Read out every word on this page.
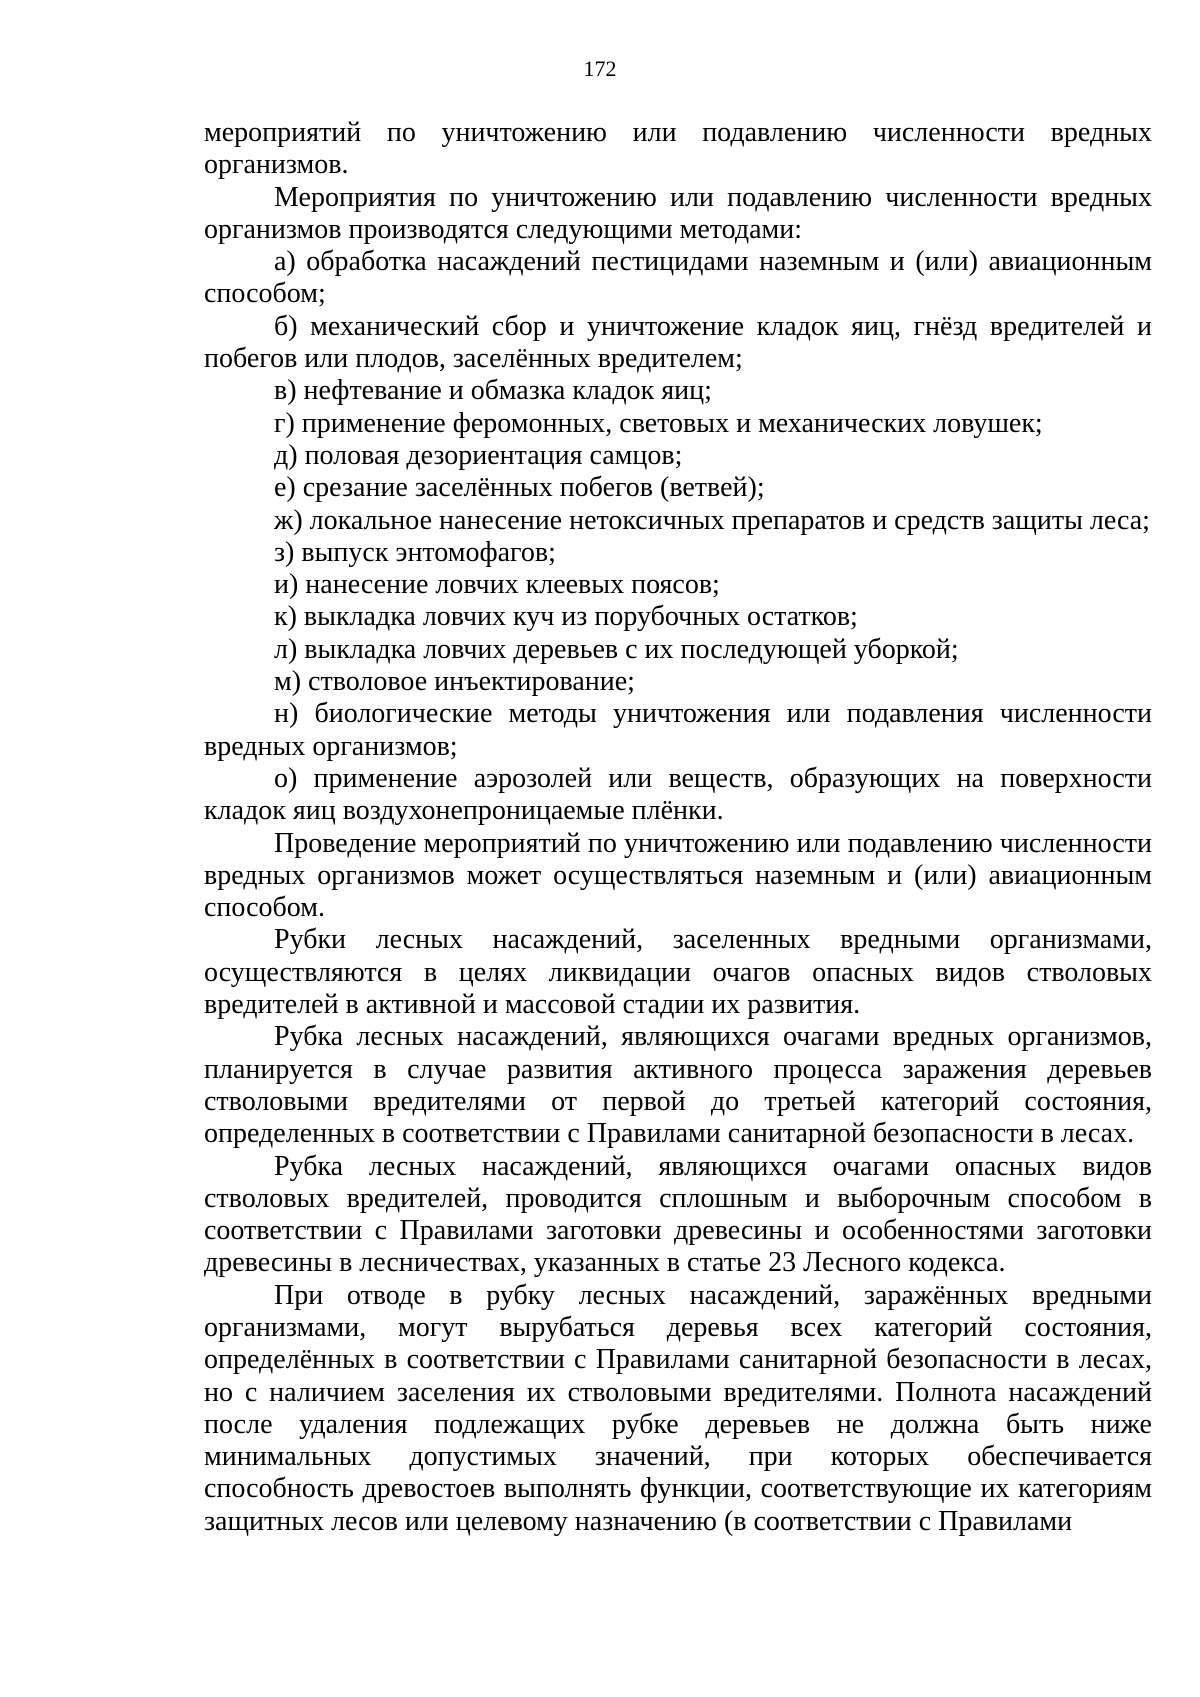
172

мероприятий по уничтожению или подавлению численности вредных организмов.

Мероприятия по уничтожению или подавлению численности вредных организмов производятся следующими методами:

а) обработка насаждений пестицидами наземным и (или) авиационным способом;

б) механический сбор и уничтожение кладок яиц, гнёзд вредителей и побегов или плодов, заселённых вредителем;

в) нефтевание и обмазка кладок яиц;

г) применение феромонных, световых и механических ловушек;

д) половая дезориентация самцов;

е) срезание заселённых побегов (ветвей);

ж) локальное нанесение нетоксичных препаратов и средств защиты леса;

з) выпуск энтомофагов;

и) нанесение ловчих клеевых поясов;

к) выкладка ловчих куч из порубочных остатков;

л) выкладка ловчих деревьев с их последующей уборкой;

м) стволовое инъектирование;

н) биологические методы уничтожения или подавления численности вредных организмов;

о) применение аэрозолей или веществ, образующих на поверхности кладок яиц воздухонепроницаемые плёнки.

Проведение мероприятий по уничтожению или подавлению численности вредных организмов может осуществляться наземным и (или) авиационным способом.

Рубки лесных насаждений, заселенных вредными организмами, осуществляются в целях ликвидации очагов опасных видов стволовых вредителей в активной и массовой стадии их развития.

Рубка лесных насаждений, являющихся очагами вредных организмов, планируется в случае развития активного процесса заражения деревьев стволовыми вредителями от первой до третьей категорий состояния, определенных в соответствии с Правилами санитарной безопасности в лесах.

Рубка лесных насаждений, являющихся очагами опасных видов стволовых вредителей, проводится сплошным и выборочным способом в соответствии с Правилами заготовки древесины и особенностями заготовки древесины в лесничествах, указанных в статье 23 Лесного кодекса.

При отводе в рубку лесных насаждений, заражённых вредными организмами, могут вырубаться деревья всех категорий состояния, определённых в соответствии с Правилами санитарной безопасности в лесах, но с наличием заселения их стволовыми вредителями. Полнота насаждений после удаления подлежащих рубке деревьев не должна быть ниже минимальных допустимых значений, при которых обеспечивается способность древостоев выполнять функции, соответствующие их категориям защитных лесов или целевому назначению (в соответствии с Правилами
